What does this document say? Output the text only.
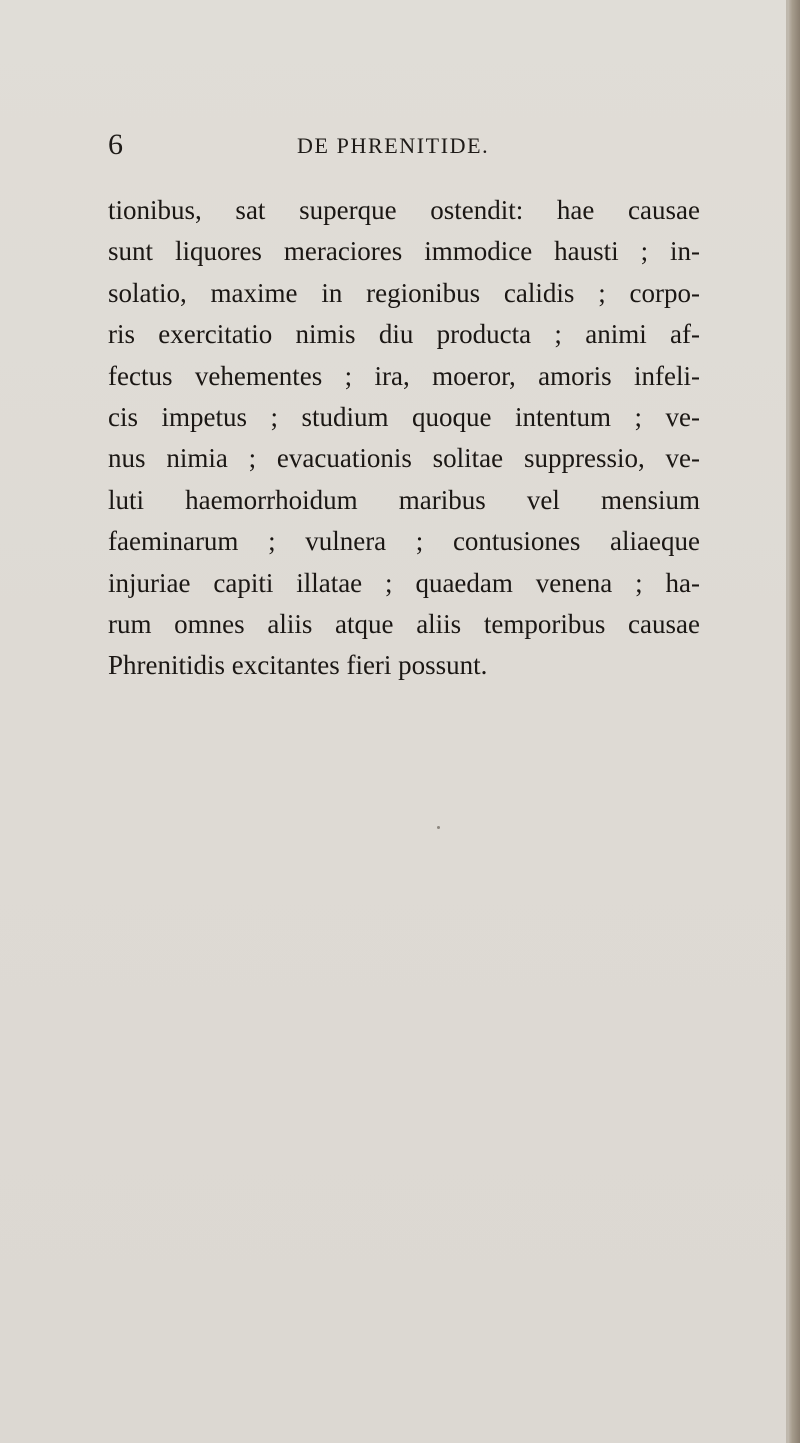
6	DE PHRENITIDE.

tionibus, sat superque ostendit: hae causae
sunt liquores meraciores immodice hausti ; in-
solatio, maxime in regionibus calidis ; corpo-
ris exercitatio nimis diu producta ; animi af-
fectus vehementes ; ira, moeror, amoris infeli-
cis impetus ; studium quoque intentum ; ve-
nus nimia ; evacuationis solitae suppressio, ve-
luti haemorrhoidum maribus vel mensium
faeminarum ; vulnera ; contusiones aliaeque
injuriae capiti illatae ; quaedam venena ; ha-
rum omnes aliis atque aliis temporibus causae
Phrenitidis excitantes fieri possunt.
